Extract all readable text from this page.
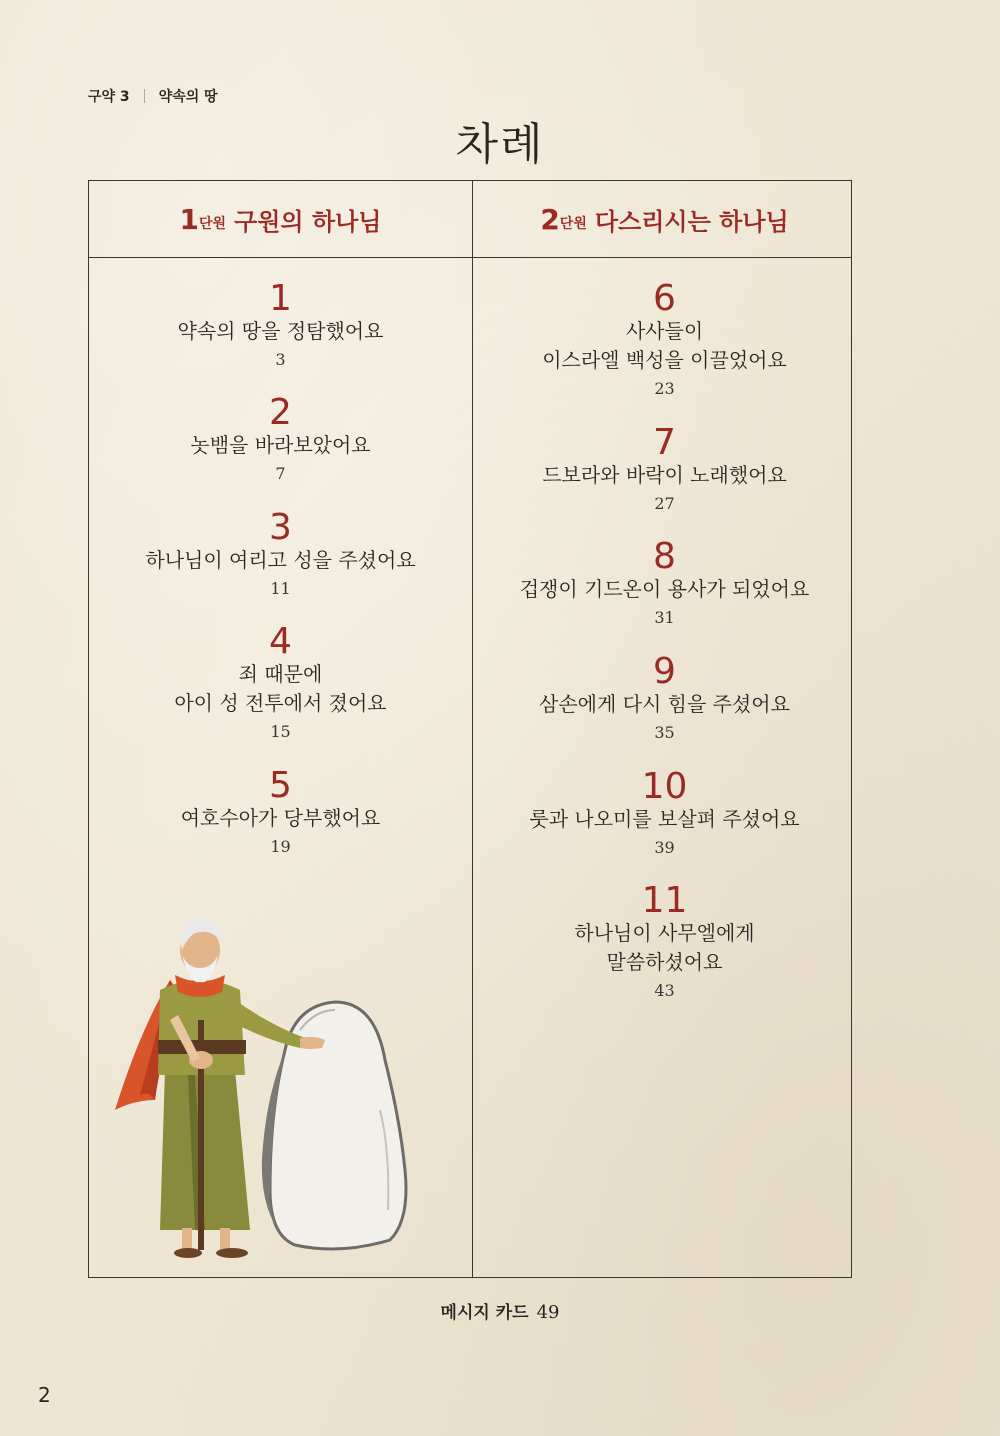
구약 3 약속의 땅
차례
1 단원 구원의 하나님	2 단원 다스리시는 하나님
1
약속의 땅을 정탐했어요
3
2
놋뱀을 바라보았어요
7
3
하나님이 여리고 성을 주셨어요
11
4
죄 때문에
아이 성 전투에서 졌어요
15
5
여호수아가 당부했어요
19
6
사사들이
이스라엘 백성을 이끌었어요
23
7
드보라와 바락이 노래했어요
27
8
겁쟁이 기드온이 용사가 되었어요
31
9
삼손에게 다시 힘을 주셨어요
35
10
룻과 나오미를 보살펴 주셨어요
39
11
하나님이 사무엘에게
말씀하셨어요
43
메시지 카드 49
2
